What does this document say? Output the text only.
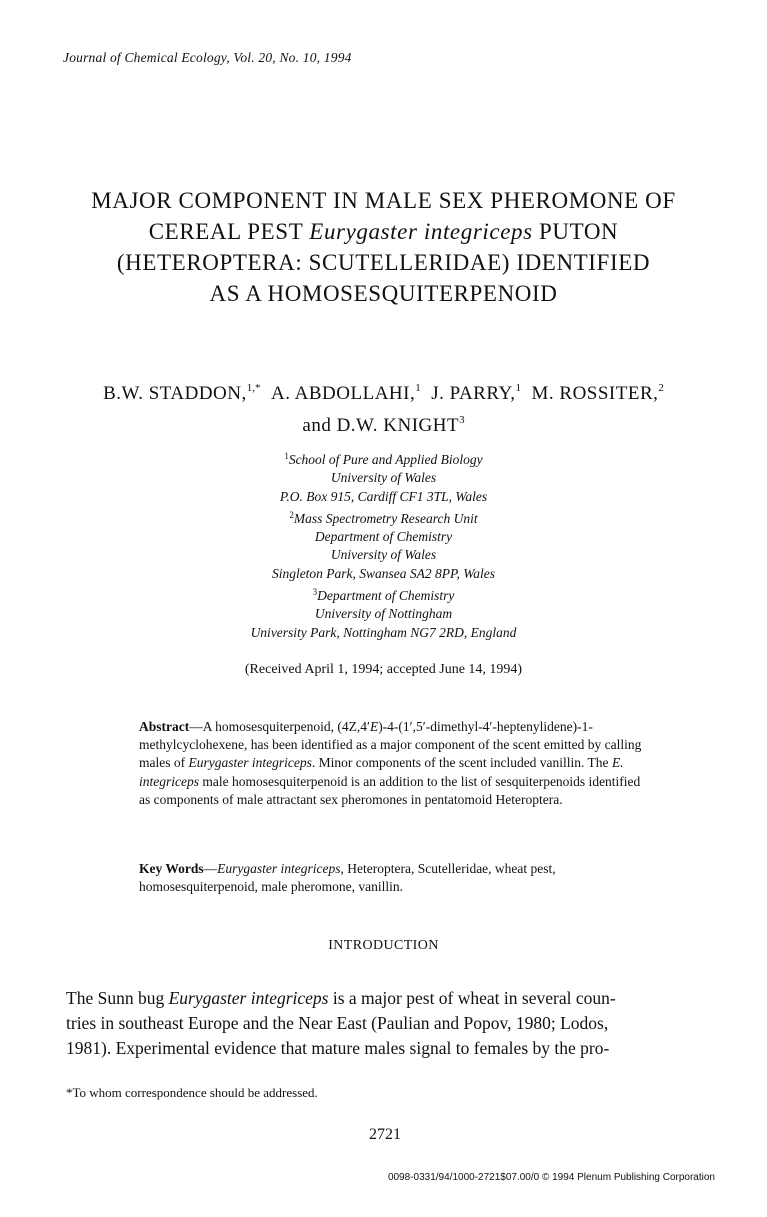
Journal of Chemical Ecology, Vol. 20, No. 10, 1994
MAJOR COMPONENT IN MALE SEX PHEROMONE OF
CEREAL PEST Eurygaster integriceps PUTON
(HETEROPTERA: SCUTELLERIDAE) IDENTIFIED
AS A HOMOSESQUITERPENOID
B.W. STADDON,$^{1,*}$ A. ABDOLLAHI,$^1$ J. PARRY,$^1$ M. ROSSITER,$^2$
and D.W. KNIGHT$^3$
$^1$School of Pure and Applied Biology
University of Wales
P.O. Box 915, Cardiff CF1 3TL, Wales
$^2$Mass Spectrometry Research Unit
Department of Chemistry
University of Wales
Singleton Park, Swansea SA2 8PP, Wales
$^3$Department of Chemistry
University of Nottingham
University Park, Nottingham NG7 2RD, England
(Received April 1, 1994; accepted June 14, 1994)
Abstract—A homosesquiterpenoid, (4Z,4′E)-4-(1′,5′-dimethyl-4′-heptenylidene)-1-methylcyclohexene, has been identified as a major component of the scent emitted by calling males of Eurygaster integriceps. Minor components of the scent included vanillin. The E. integriceps male homosesquiterpenoid is an addition to the list of sesquiterpenoids identified as components of male attractant sex pheromones in pentatomoid Heteroptera.
Key Words—Eurygaster integriceps, Heteroptera, Scutelleridae, wheat pest, homosesquiterpenoid, male pheromone, vanillin.
INTRODUCTION
The Sunn bug Eurygaster integriceps is a major pest of wheat in several coun-
tries in southeast Europe and the Near East (Paulian and Popov, 1980; Lodos,
1981). Experimental evidence that mature males signal to females by the pro-
*To whom correspondence should be addressed.
2721
0098-0331/94/1000-2721$07.00/0 © 1994 Plenum Publishing Corporation
